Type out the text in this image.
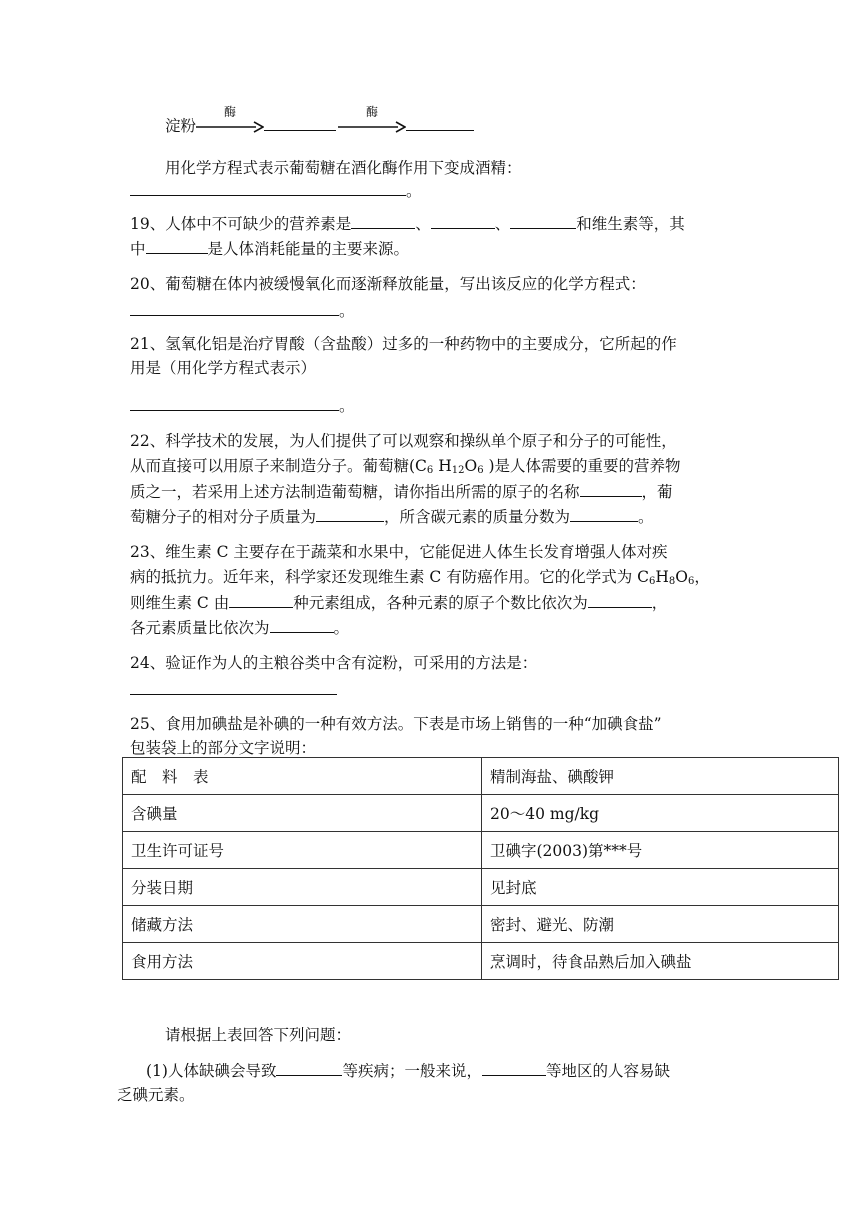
淀粉
酶	酶
用化学方程式表示葡萄糖在酒化酶作用下变成酒精：
。
19、人体中不可缺少的营养素是	、	、	和维生素等，其
中	是人体消耗能量的主要来源。
20、葡萄糖在体内被缓慢氧化而逐渐释放能量，写出该反应的化学方程式：
。
21、氢氧化铝是治疗胃酸（含盐酸）过多的一种药物中的主要成分，它所起的作
用是（用化学方程式表示）
。
22、科学技术的发展，为人们提供了可以观察和操纵单个原子和分子的可能性，
从而直接可以用原子来制造分子。葡萄糖($C_6$ $H_{12}O_6$ )是人体需要的重要的营养物
质之一，若采用上述方法制造葡萄糖，请你指出所需的原子的名称	，葡
萄糖分子的相对分子质量为	，所含碳元素的质量分数为	。
23、维生素 C 主要存在于蔬菜和水果中，它能促进人体生长发育增强人体对疾
病的抵抗力。近年来，科学家还发现维生素 C 有防癌作用。它的化学式为 $C_6H_8O_6$，
则维生素 C 由	种元素组成，各种元素的原子个数比依次为	，
各元素质量比依次为	。
24、验证作为人的主粮谷类中含有淀粉，可采用的方法是：
25、食用加碘盐是补碘的一种有效方法。下表是市场上销售的一种“加碘食盐”
包装袋上的部分文字说明：
配　料　表	精制海盐、碘酸钾
含碘量	20～40 mg/kg
卫生许可证号	卫碘字(2003)第***号
分装日期	见封底
储藏方法	密封、避光、防潮
食用方法	烹调时，待食品熟后加入碘盐
请根据上表回答下列问题：
(1)人体缺碘会导致	等疾病；一般来说，	等地区的人容易缺
乏碘元素。
